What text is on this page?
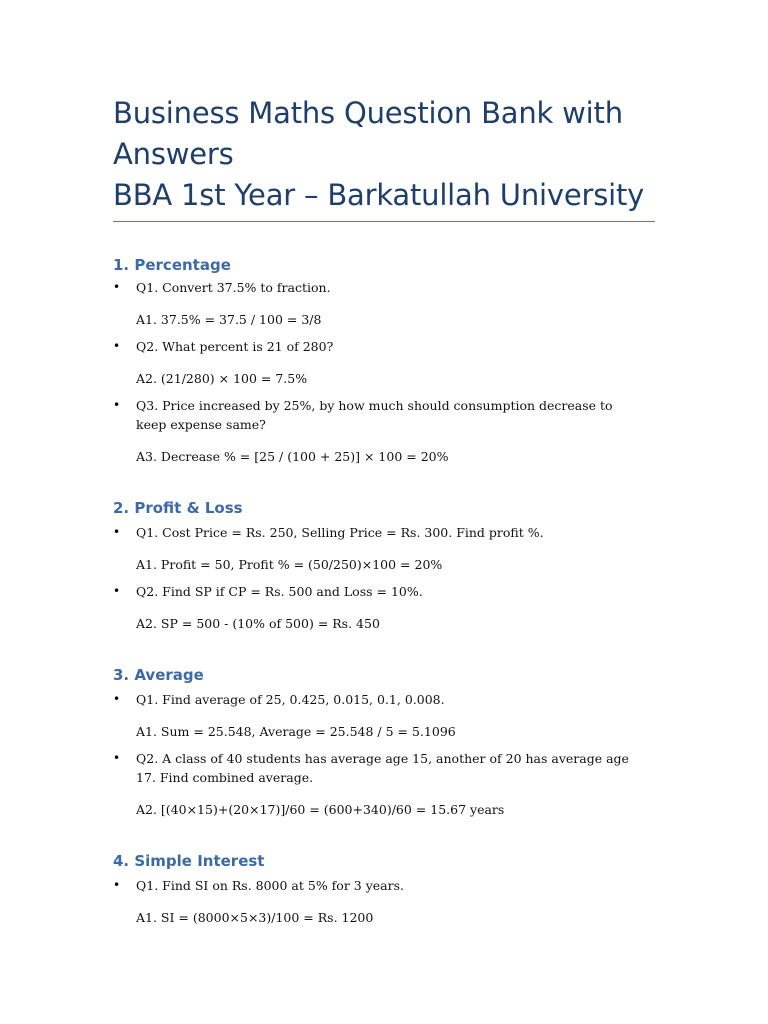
Business Maths Question Bank with
Answers
BBA 1st Year – Barkatullah University
1. Percentage
•	Q1. Convert 37.5% to fraction.
A1. 37.5% = 37.5 / 100 = 3/8
•	Q2. What percent is 21 of 280?
A2. (21/280) × 100 = 7.5%
•	Q3. Price increased by 25%, by how much should consumption decrease to keep expense same?
A3. Decrease % = [25 / (100 + 25)] × 100 = 20%
2. Profit & Loss
•	Q1. Cost Price = Rs. 250, Selling Price = Rs. 300. Find profit %.
A1. Profit = 50, Profit % = (50/250)×100 = 20%
•	Q2. Find SP if CP = Rs. 500 and Loss = 10%.
A2. SP = 500 - (10% of 500) = Rs. 450
3. Average
•	Q1. Find average of 25, 0.425, 0.015, 0.1, 0.008.
A1. Sum = 25.548, Average = 25.548 / 5 = 5.1096
•	Q2. A class of 40 students has average age 15, another of 20 has average age 17. Find combined average.
A2. [(40×15)+(20×17)]/60 = (600+340)/60 = 15.67 years
4. Simple Interest
•	Q1. Find SI on Rs. 8000 at 5% for 3 years.
A1. SI = (8000×5×3)/100 = Rs. 1200
